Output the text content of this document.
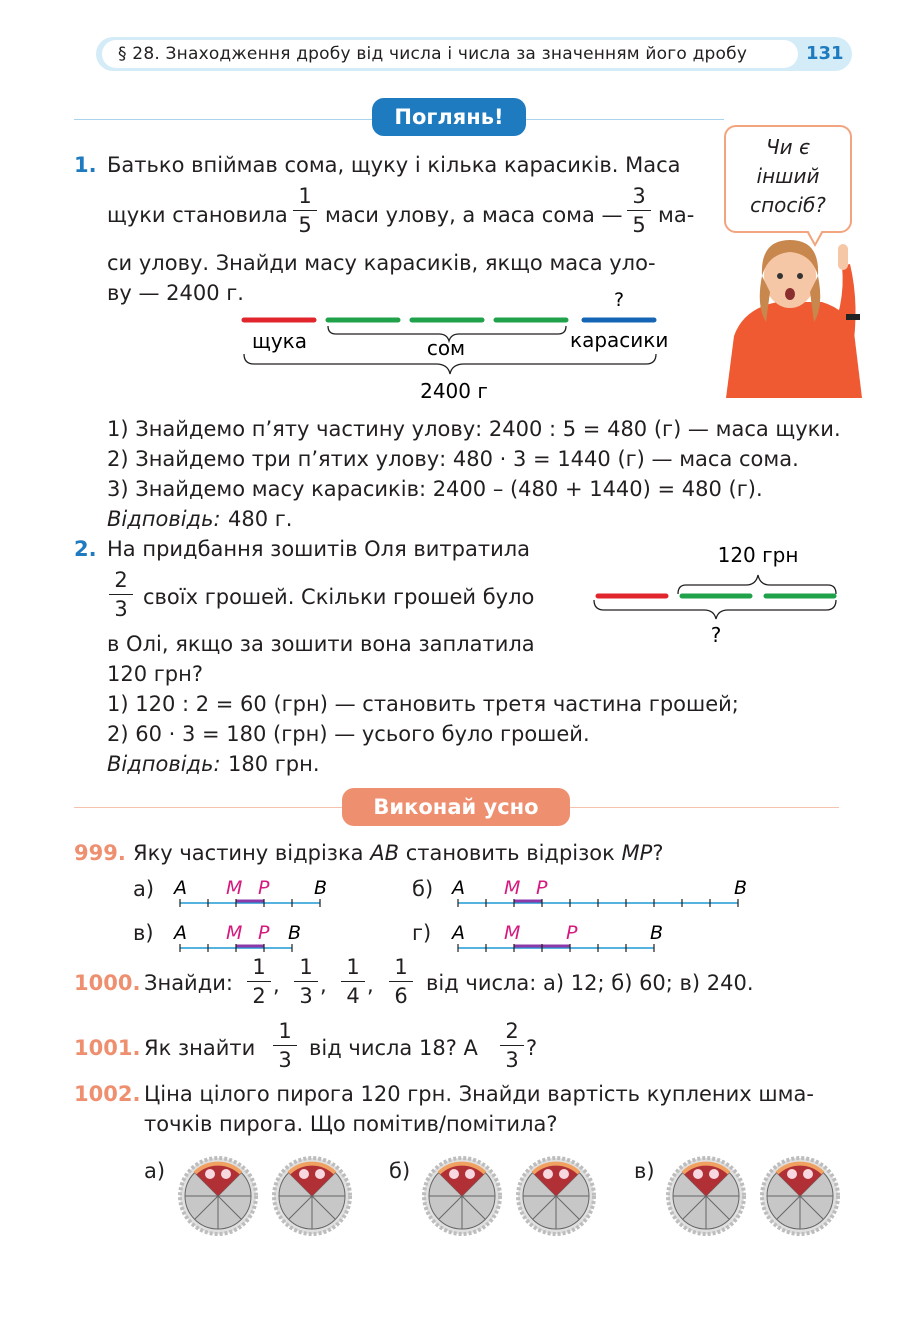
§ 28. Знаходження дробу від числа і числа за значенням його дробу	131
Поглянь!
Чи є
інший
спосіб?
1. Батько впіймав сома, щуку і кілька карасиків. Маса
щуки становила
1
5 маси улову, а маса сома —
3
5 ма-
си улову. Знайди масу карасиків, якщо маса уло-
ву — 2400 г.	?
щука	сом	карасики
2400 г
1) Знайдемо п’яту частину улову: 2400 : 5 = 480 (г) — маса щуки.
2) Знайдемо три п’ятих улову: 480 · 3 = 1440 (г) — маса сома.
3) Знайдемо масу карасиків: 2400 – (480 + 1440) = 480 (г).
Відповідь: 480 г.
2. На придбання зошитів Оля витратила
2
3 своїх грошей. Скільки грошей було
в Олі, якщо за зошити вона заплатила
120 грн?
120 грн
?
1) 120 : 2 = 60 (грн) — становить третя частина грошей;
2) 60 · 3 = 180 (грн) — усього було грошей.
Відповідь: 180 грн.
Виконай усно
999. Яку частину відрізка AB становить відрізок MP?
а) A M P B	б) A M P	B
в) A M P B	г) A M P	B
1000. Знайди:
1
2 ,
1
3 ,
1
4 ,
1
6
від числа: а) 12; б) 60; в) 240.
1001. Як знайти
1
3 від числа 18? А
2
3 ?
1002. Ціна цілого пирога 120 грн. Знайди вартість куплених шма-
точків пирога. Що помітив/помітила?
а)	б)	в)
